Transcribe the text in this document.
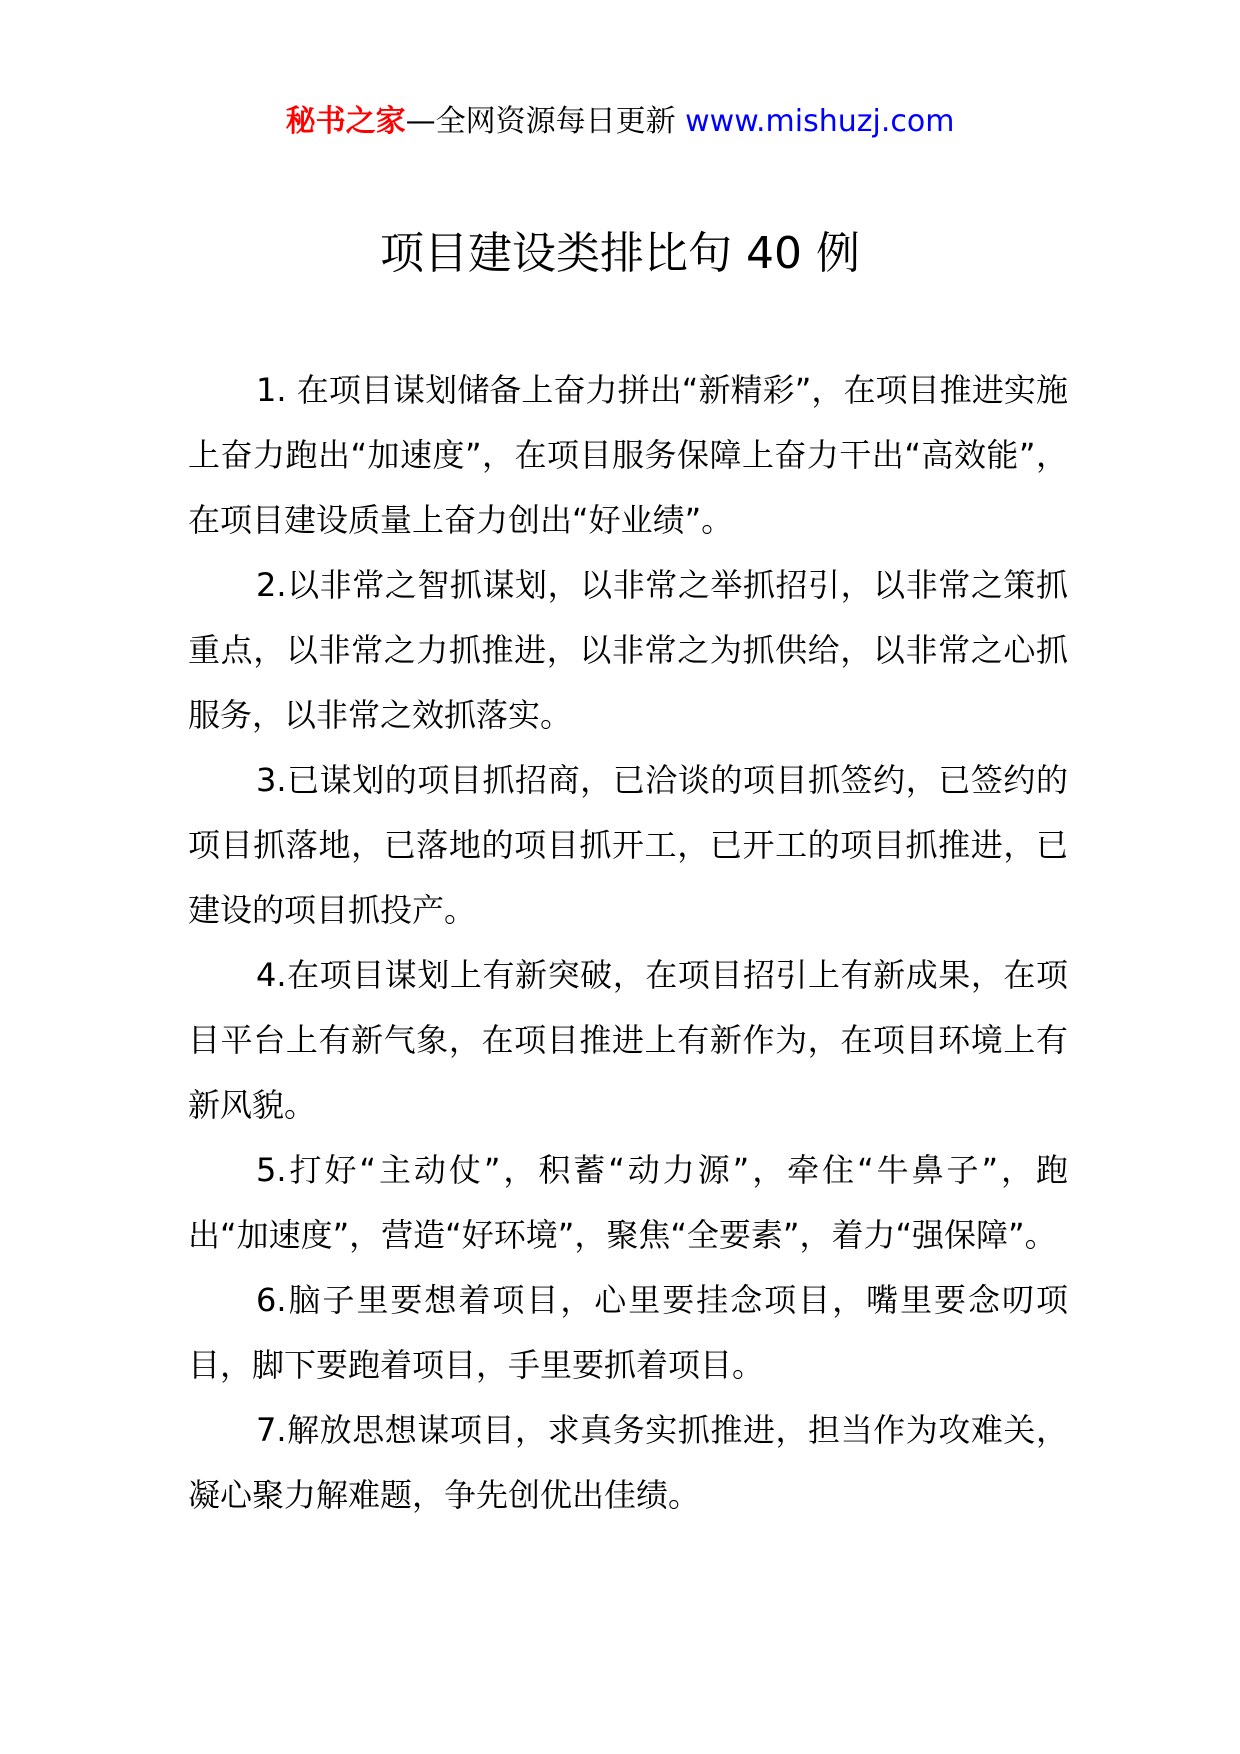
秘书之家—全网资源每日更新 www.mishuzj.com
项目建设类排比句 40 例

1. 在项目谋划储备上奋力拼出“新精彩”，在项目推进实施上奋力跑出“加速度”，在项目服务保障上奋力干出“高效能”， 在项目建设质量上奋力创出“好业绩”。

2.以非常之智抓谋划，以非常之举抓招引，以非常之策抓重点，以非常之力抓推进，以非常之为抓供给，以非常之心抓服务，以非常之效抓落实。

3.已谋划的项目抓招商，已洽谈的项目抓签约，已签约的项目抓落地，已落地的项目抓开工，已开工的项目抓推进，已建设的项目抓投产。

4.在项目谋划上有新突破，在项目招引上有新成果，在项目平台上有新气象，在项目推进上有新作为，在项目环境上有新风貌。

5.打好“主动仗”，积蓄“动力源”，牵住“牛鼻子”，跑出“加速度”，营造“好环境”，聚焦“全要素”，着力“强保障”。

6.脑子里要想着项目，心里要挂念项目，嘴里要念叨项目，脚下要跑着项目，手里要抓着项目。

7.解放思想谋项目，求真务实抓推进，担当作为攻难关，凝心聚力解难题，争先创优出佳绩。
